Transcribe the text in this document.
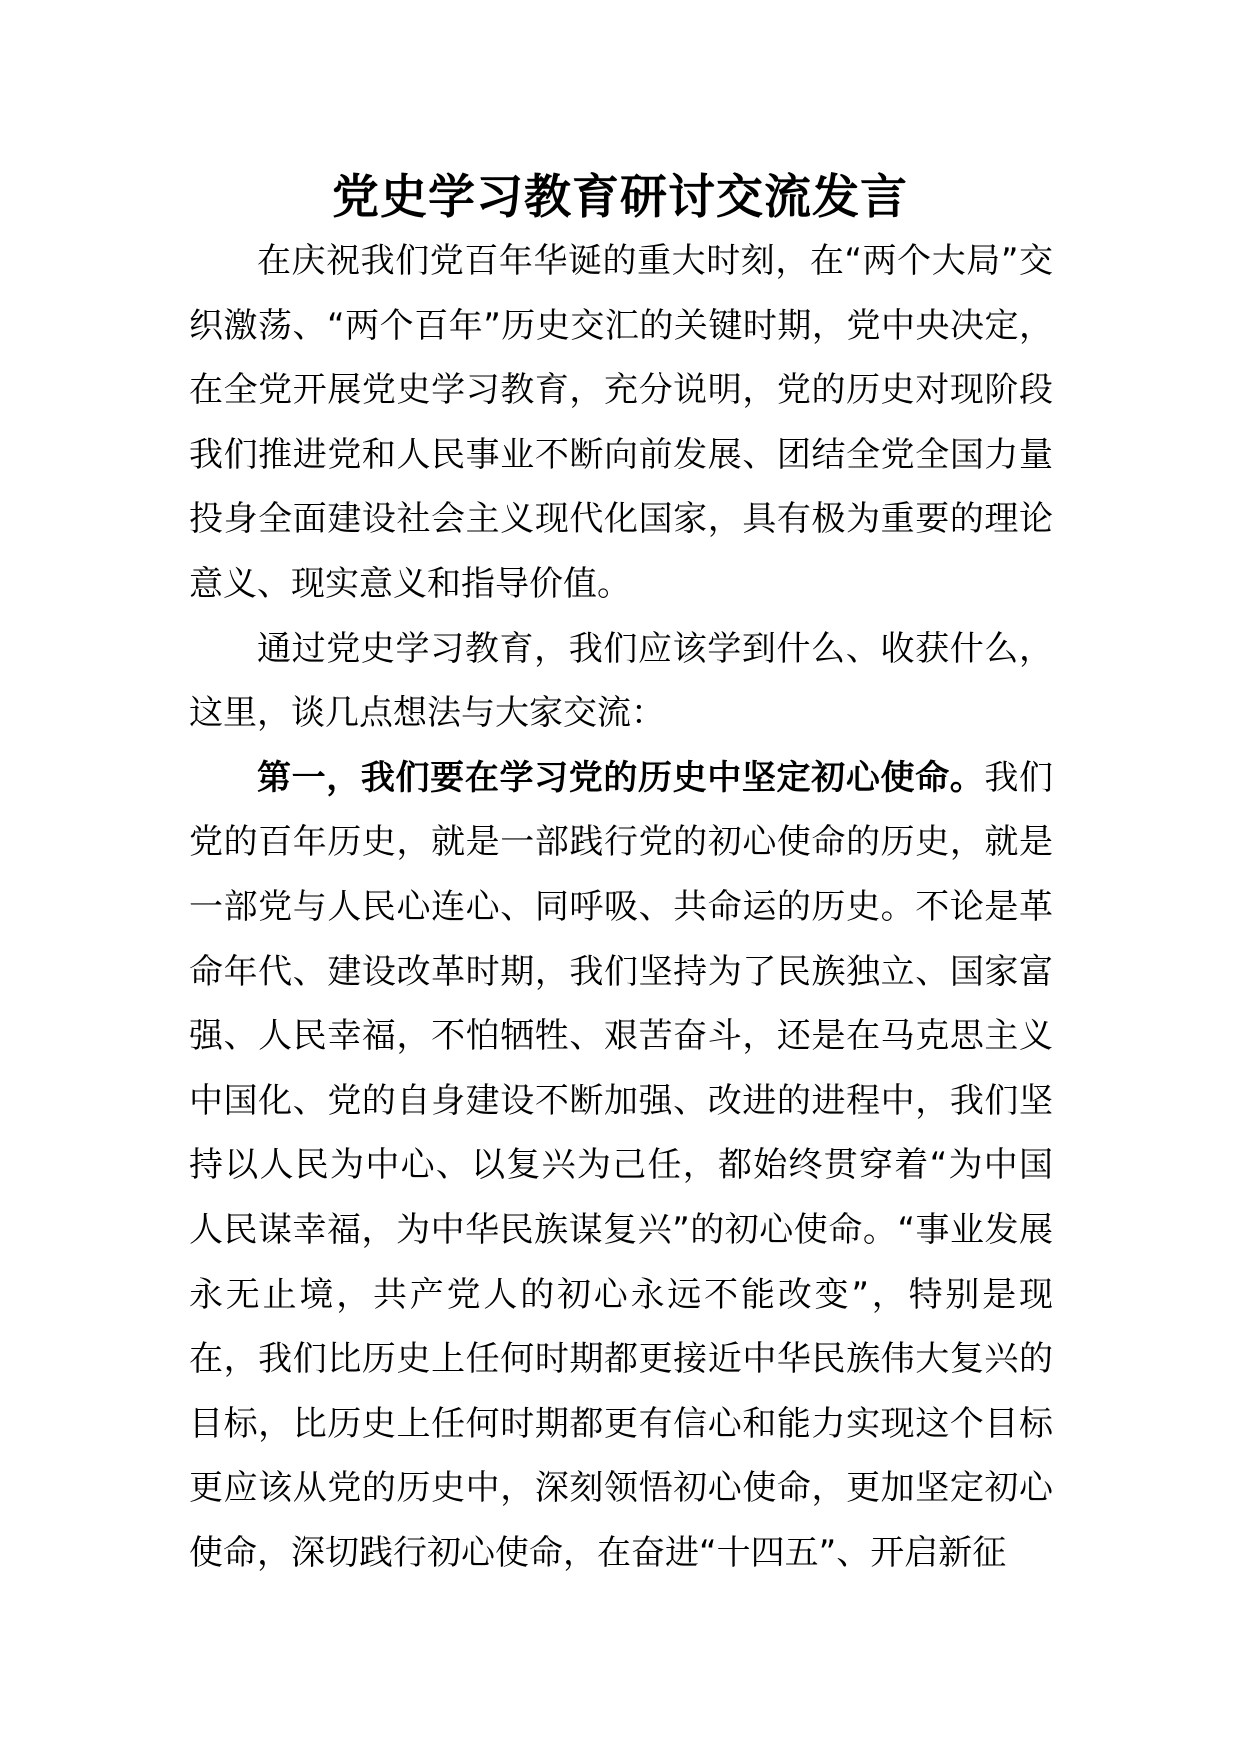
党史学习教育研讨交流发言

在庆祝我们党百年华诞的重大时刻，在“两个大局”交织激荡、“两个百年”历史交汇的关键时期，党中央决定，在全党开展党史学习教育，充分说明，党的历史对现阶段我们推进党和人民事业不断向前发展、团结全党全国力量投身全面建设社会主义现代化国家，具有极为重要的理论意义、现实意义和指导价值。

通过党史学习教育，我们应该学到什么、收获什么，这里，谈几点想法与大家交流：

第一，我们要在学习党的历史中坚定初心使命。我们党的百年历史，就是一部践行党的初心使命的历史，就是一部党与人民心连心、同呼吸、共命运的历史。不论是革命年代、建设改革时期，我们坚持为了民族独立、国家富强、人民幸福，不怕牺牲、艰苦奋斗，还是在马克思主义中国化、党的自身建设不断加强、改进的进程中，我们坚持以人民为中心、以复兴为己任，都始终贯穿着“为中国人民谋幸福，为中华民族谋复兴”的初心使命。“事业发展永无止境，共产党人的初心永远不能改变”，特别是现在，我们比历史上任何时期都更接近中华民族伟大复兴的目标，比历史上任何时期都更有信心和能力实现这个目标更应该从党的历史中，深刻领悟初心使命，更加坚定初心使命，深切践行初心使命，在奋进“十四五”、开启新征
